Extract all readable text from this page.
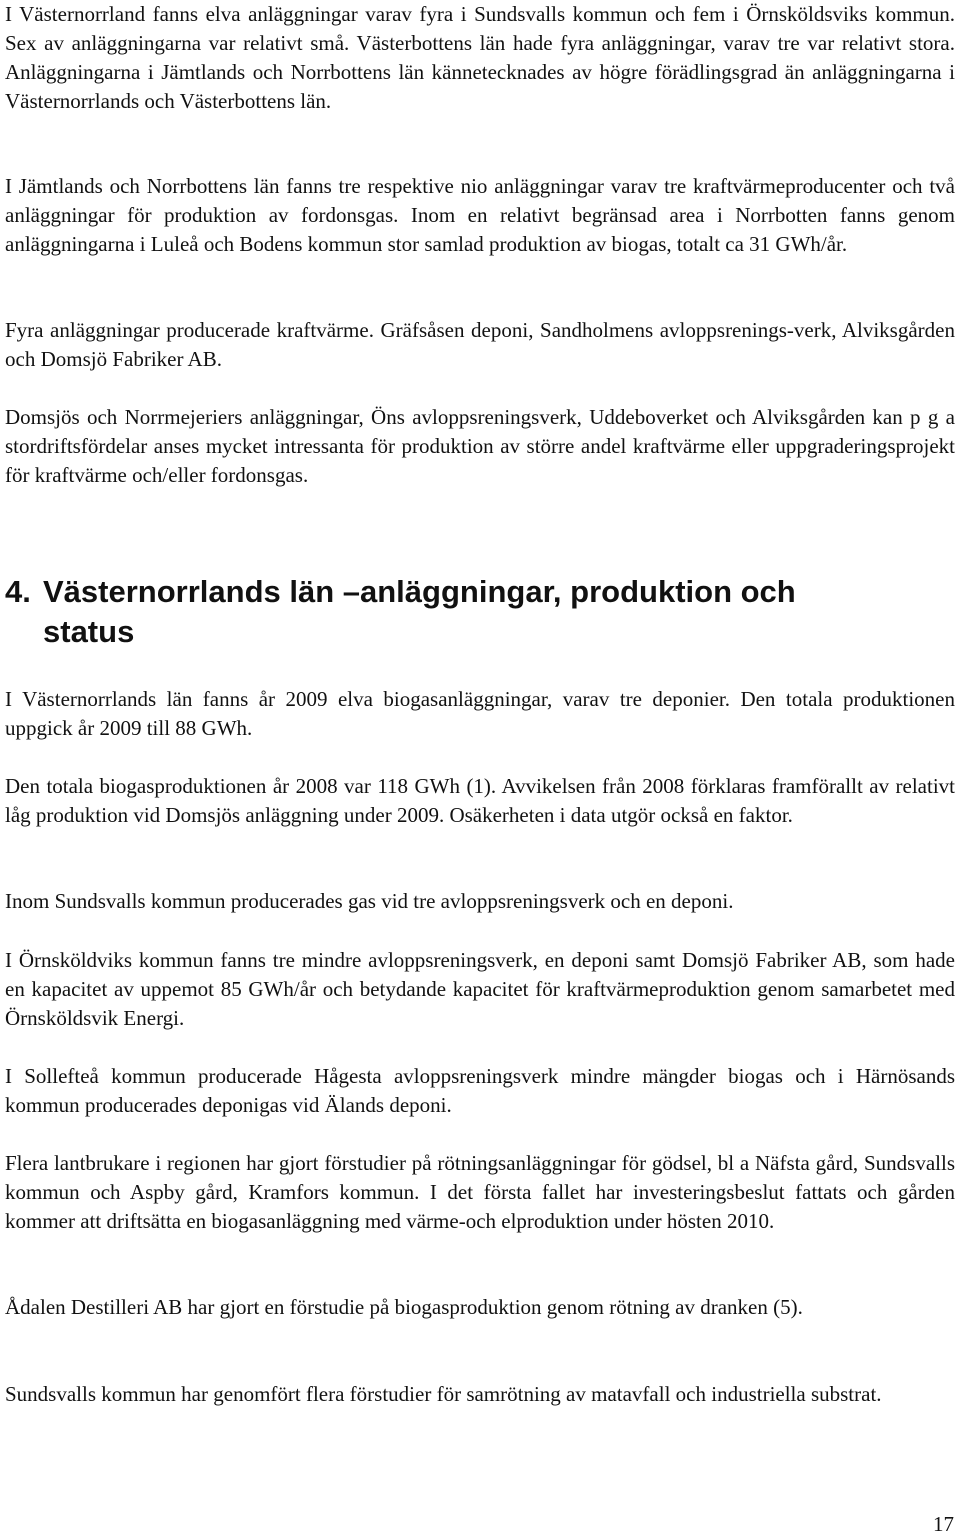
I Västernorrland fanns elva anläggningar varav fyra i Sundsvalls kommun och fem i Örnsköldsviks kommun. Sex av anläggningarna var relativt små. Västerbottens län hade fyra anläggningar, varav tre var relativt stora. Anläggningarna i Jämtlands och Norrbottens län kännetecknades av högre förädlingsgrad än anläggningarna i Västernorrlands och Västerbottens län.

I Jämtlands och Norrbottens län fanns tre respektive nio anläggningar varav tre kraftvärmeproducenter och två anläggningar för produktion av fordonsgas. Inom en relativt begränsad area i Norrbotten fanns genom anläggningarna i Luleå och Bodens kommun stor samlad produktion av biogas, totalt ca 31 GWh/år.

Fyra anläggningar producerade kraftvärme. Gräfsåsen deponi, Sandholmens avloppsrenings-verk, Alviksgården och Domsjö Fabriker AB.

Domsjös och Norrmejeriers anläggningar, Öns avloppsreningsverk, Uddeboverket och Alviksgården kan p g a stordriftsfördelar anses mycket intressanta för produktion av större andel kraftvärme eller uppgraderingsprojekt för kraftvärme och/eller fordonsgas.

4. Västernorrlands län –anläggningar, produktion och
status

I Västernorrlands län fanns år 2009 elva biogasanläggningar, varav tre deponier. Den totala produktionen uppgick år 2009 till 88 GWh.

Den totala biogasproduktionen år 2008 var 118 GWh (1). Avvikelsen från 2008 förklaras framförallt av relativt låg produktion vid Domsjös anläggning under 2009. Osäkerheten i data utgör också en faktor.

Inom Sundsvalls kommun producerades gas vid tre avloppsreningsverk och en deponi.

I Örnsköldviks kommun fanns tre mindre avloppsreningsverk, en deponi samt Domsjö Fabriker AB, som hade en kapacitet av uppemot 85 GWh/år och betydande kapacitet för kraftvärmeproduktion genom samarbetet med Örnsköldsvik Energi.

I Sollefteå kommun producerade Hågesta avloppsreningsverk mindre mängder biogas och i Härnösands kommun producerades deponigas vid Älands deponi.

Flera lantbrukare i regionen har gjort förstudier på rötningsanläggningar för gödsel, bl a Näfsta gård, Sundsvalls kommun och Aspby gård, Kramfors kommun. I det första fallet har investeringsbeslut fattats och gården kommer att driftsätta en biogasanläggning med värme-och elproduktion under hösten 2010.

Ådalen Destilleri AB har gjort en förstudie på biogasproduktion genom rötning av dranken (5).

Sundsvalls kommun har genomfört flera förstudier för samrötning av matavfall och industriella substrat.

17
